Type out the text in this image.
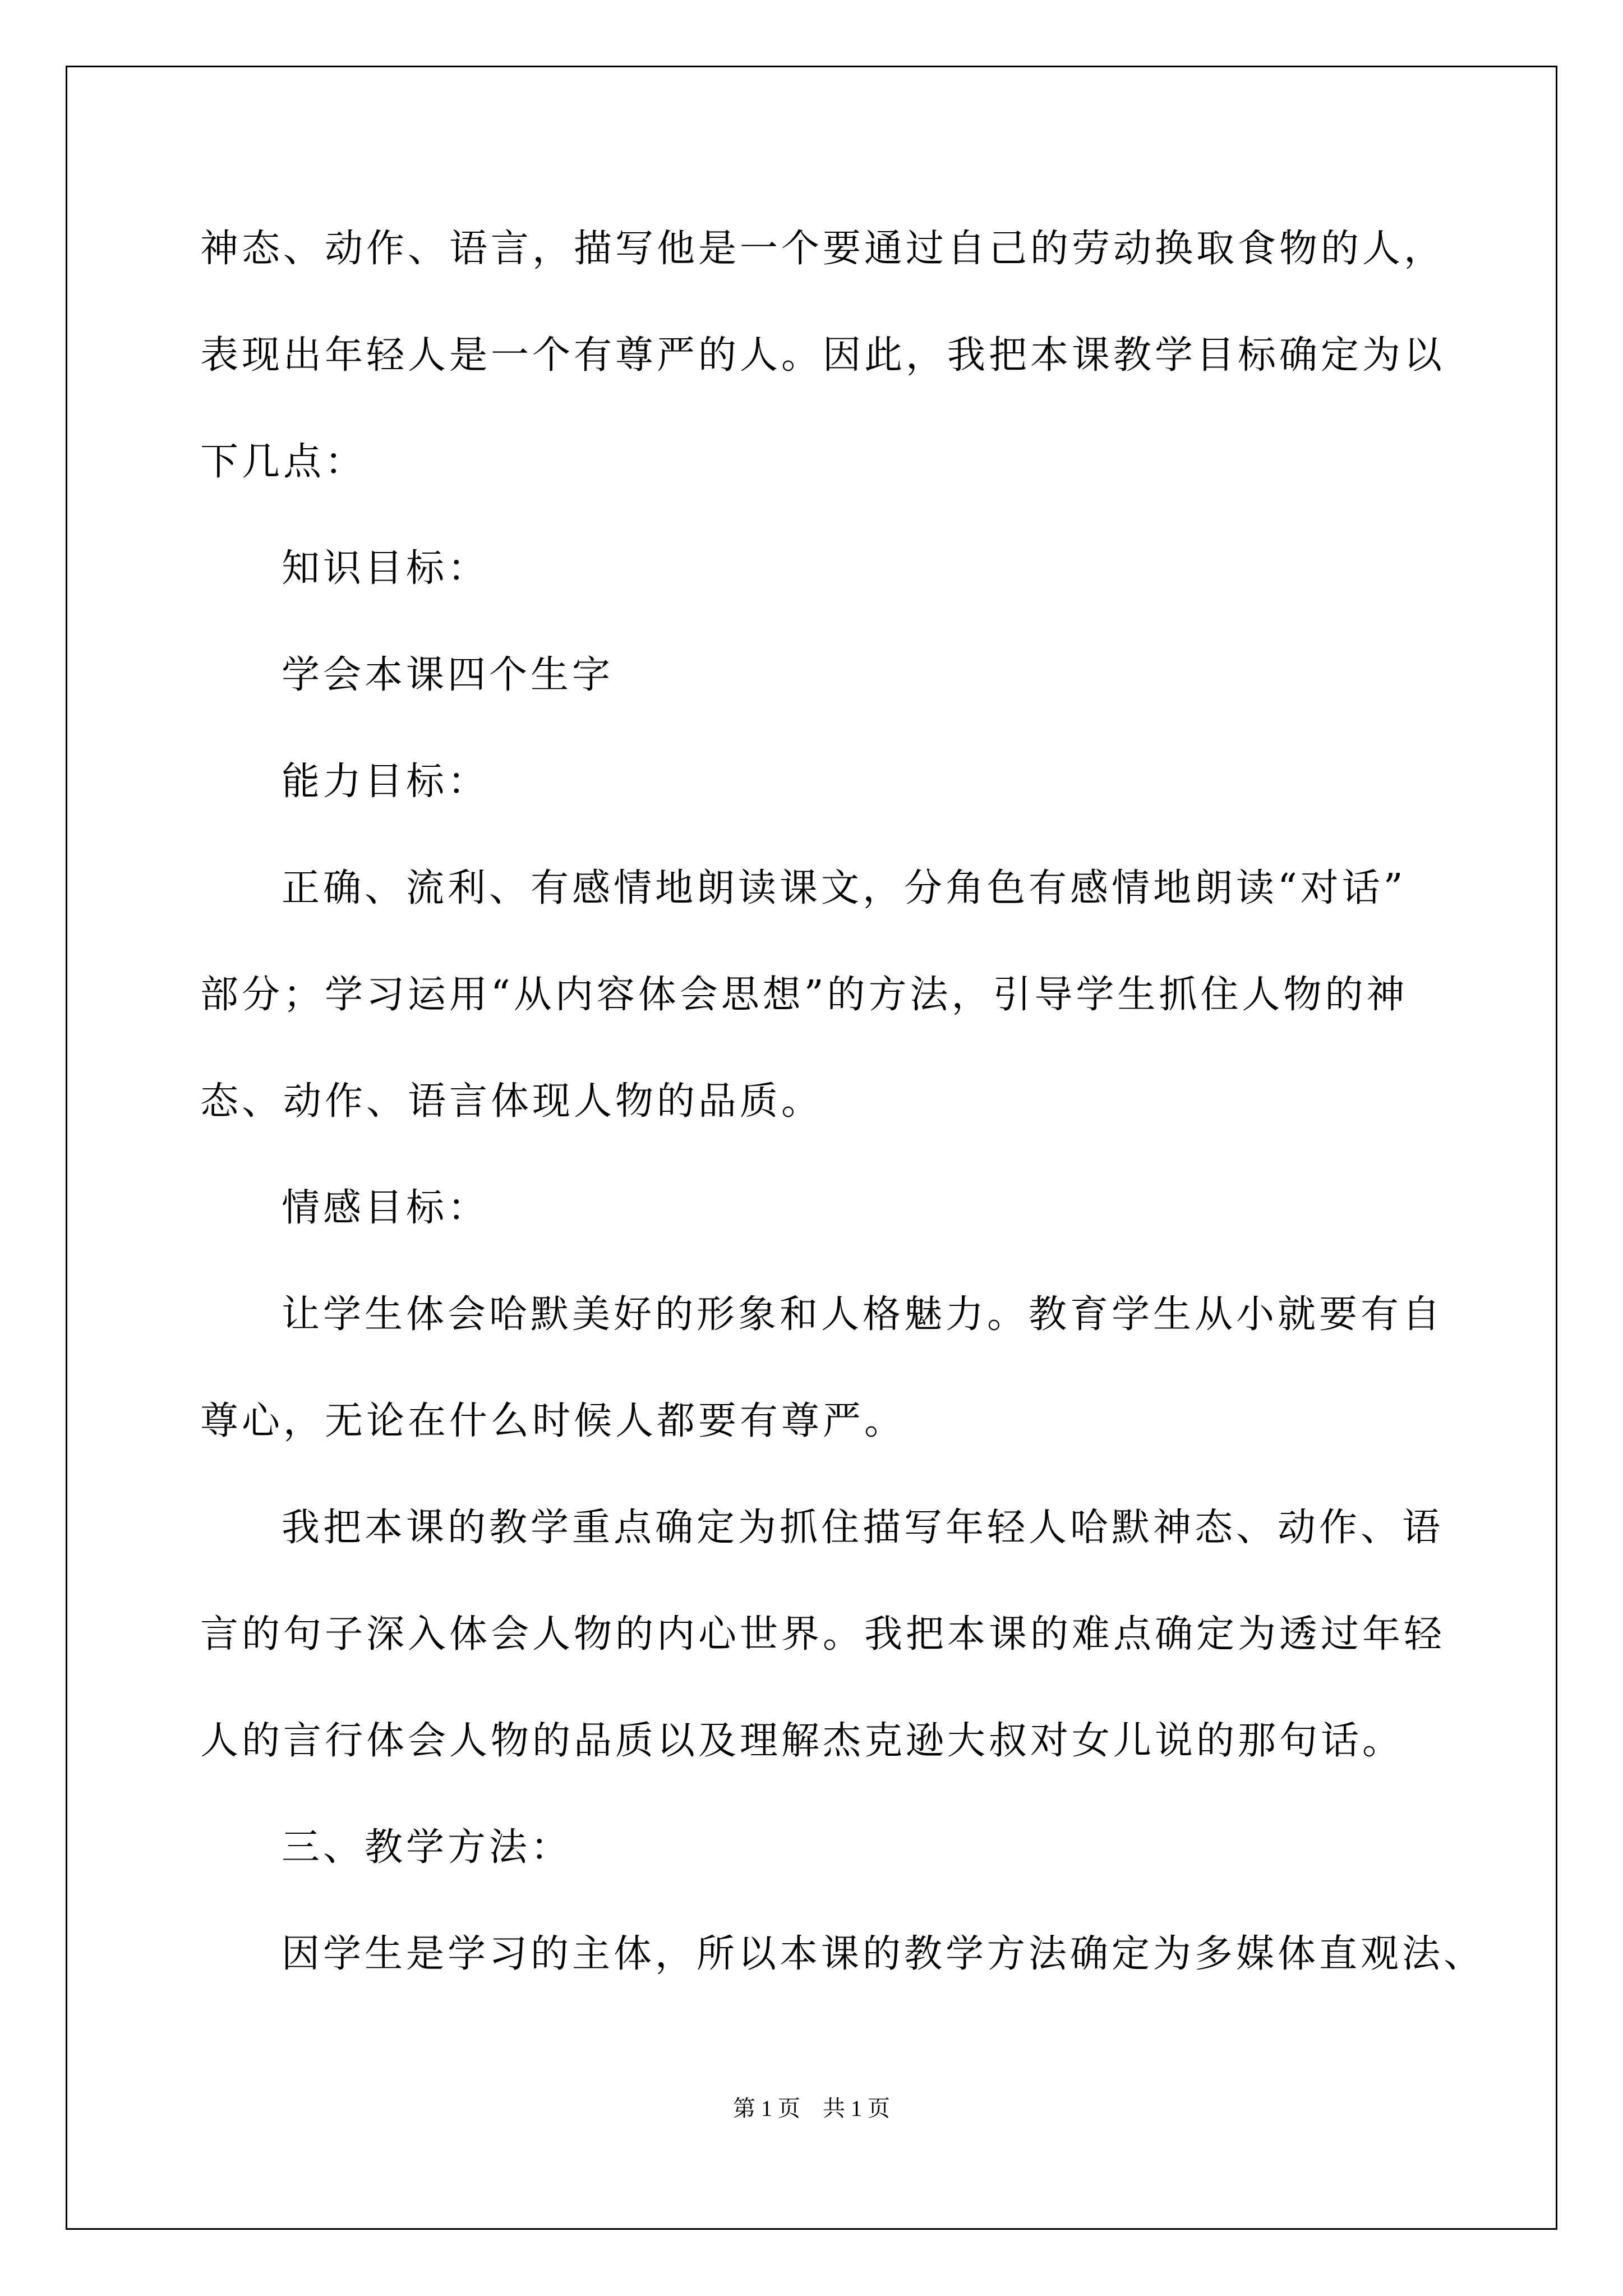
神态、动作、语言，描写他是一个要通过自己的劳动换取食物的人，
表现出年轻人是一个有尊严的人。因此，我把本课教学目标确定为以
下几点：
知识目标：
学会本课四个生字
能力目标：
正确、流利、有感情地朗读课文，分角色有感情地朗读“对话”
部分；学习运用“从内容体会思想”的方法，引导学生抓住人物的神
态、动作、语言体现人物的品质。
情感目标：
让学生体会哈默美好的形象和人格魅力。教育学生从小就要有自
尊心，无论在什么时候人都要有尊严。
我把本课的教学重点确定为抓住描写年轻人哈默神态、动作、语
言的句子深入体会人物的内心世界。我把本课的难点确定为透过年轻
人的言行体会人物的品质以及理解杰克逊大叔对女儿说的那句话。
三、教学方法：
因学生是学习的主体，所以本课的教学方法确定为多媒体直观法、
第 1 页 共 1 页
